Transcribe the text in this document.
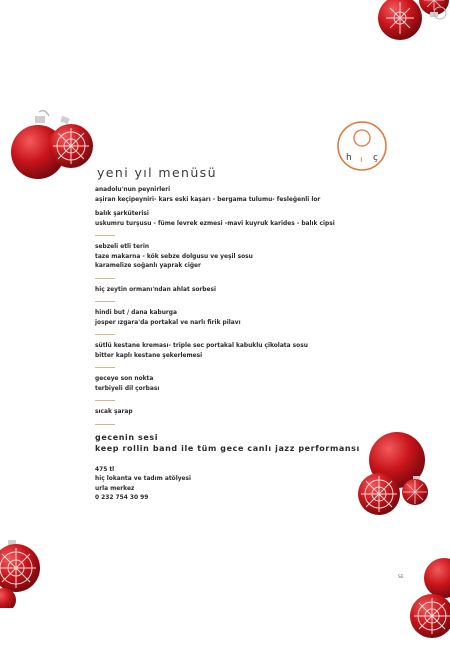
h ı ç
yeni yıl menüsü
anadolu'nun peynirleri
aşiran keçipeyniri- kars eski kaşarı - bergama tulumu- fesleğenli lor
balık şarküterisi
uskumru turşusu - füme levrek ezmesi -mavi kuyruk karides - balık cipsi
sebzeli etli terin
taze makarna - kök sebze dolgusu ve yeşil sosu
karamelize soğanlı yaprak ciğer
hiç zeytin ormanı'ndan ahlat sorbesi
hindi but / dana kaburga
josper ızgara'da portakal ve narlı firik pilavı
sütlü kestane kreması- triple sec portakal kabuklu çikolata sosu
bitter kaplı kestane şekerlemesi
geceye son nokta
terbiyeli dil çorbası
sıcak şarap
gecenin sesi
keep rollin band ile tüm gece canlı jazz performansı
475 tl
hiç lokanta ve tadım atölyesi
urla merkez
0 232 754 30 99
SE
